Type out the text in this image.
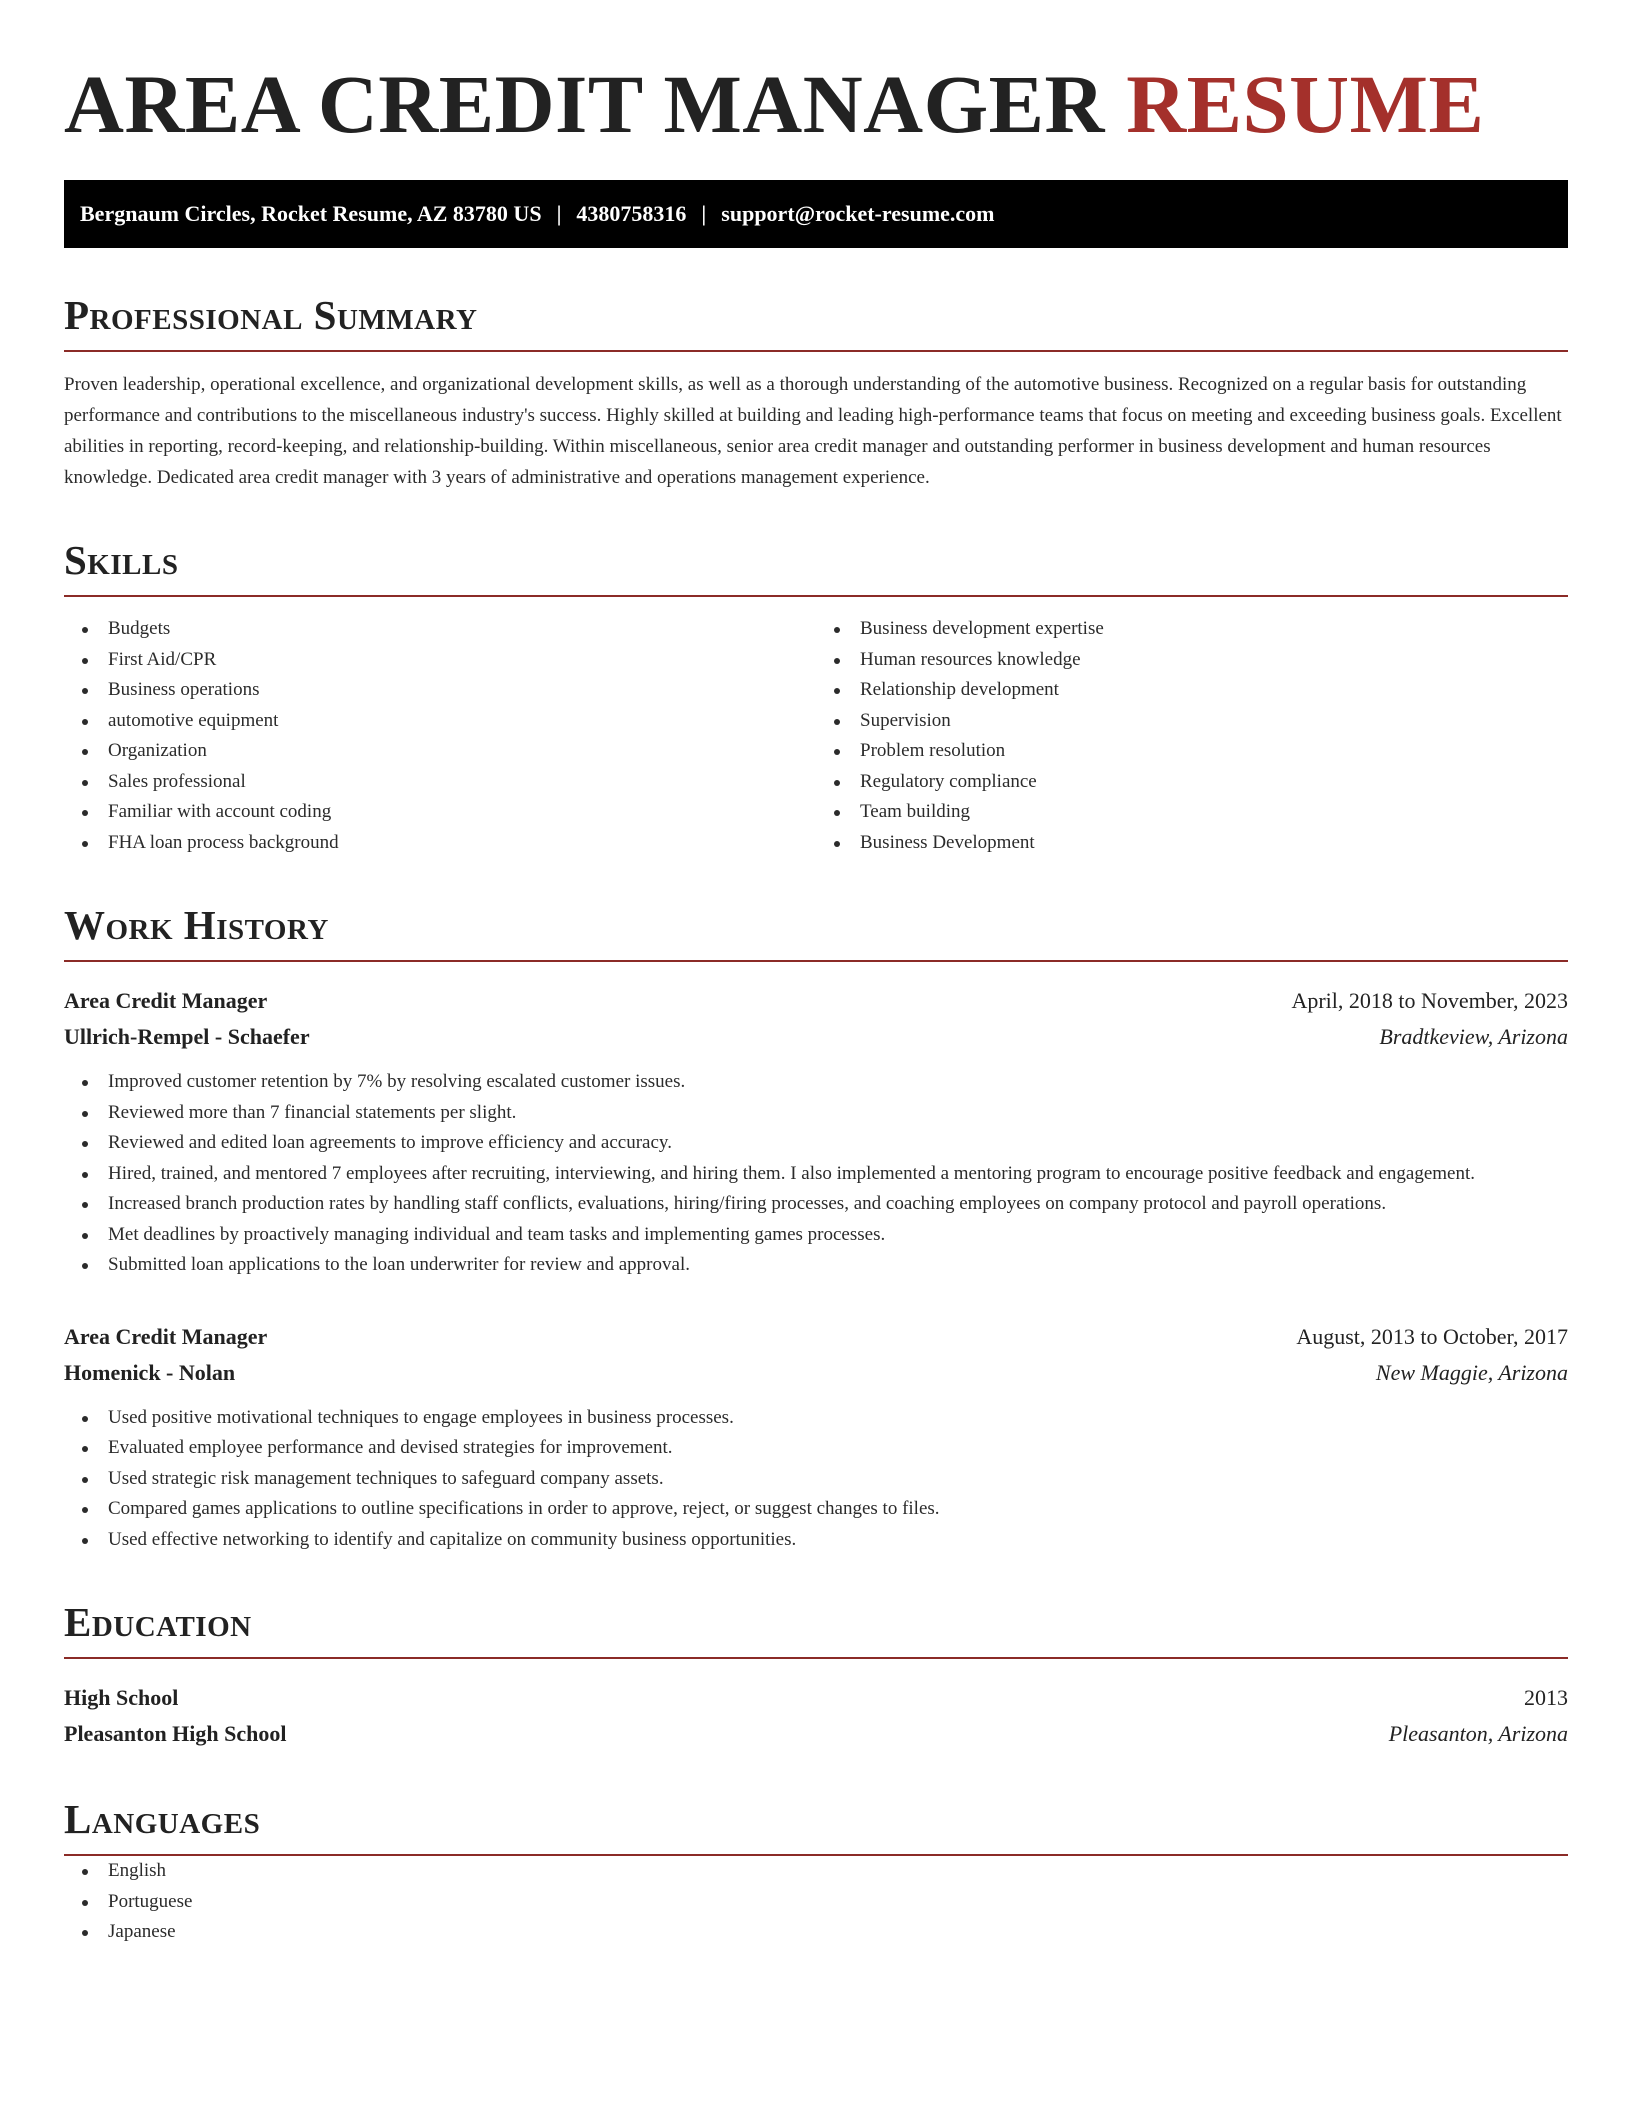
AREA CREDIT MANAGER RESUME
Bergnaum Circles, Rocket Resume, AZ 83780 US | 4380758316 | support@rocket-resume.com
Professional Summary

Proven leadership, operational excellence, and organizational development skills, as well as a thorough understanding of the automotive business. Recognized on a regular basis for outstanding performance and contributions to the miscellaneous industry's success. Highly skilled at building and leading high-performance teams that focus on meeting and exceeding business goals. Excellent abilities in reporting, record-keeping, and relationship-building. Within miscellaneous, senior area credit manager and outstanding performer in business development and human resources knowledge. Dedicated area credit manager with 3 years of administrative and operations management experience.

Skills
Budgets
First Aid/CPR
Business operations
automotive equipment
Organization
Sales professional
Familiar with account coding
FHA loan process background
Business development expertise
Human resources knowledge
Relationship development
Supervision
Problem resolution
Regulatory compliance
Team building
Business Development
Work History
Area Credit Manager	April, 2018 to November, 2023
Ullrich-Rempel - Schaefer	Bradtkeview, Arizona
Improved customer retention by 7% by resolving escalated customer issues.
Reviewed more than 7 financial statements per slight.
Reviewed and edited loan agreements to improve efficiency and accuracy.
Hired, trained, and mentored 7 employees after recruiting, interviewing, and hiring them. I also implemented a mentoring program to encourage positive feedback and engagement.
Increased branch production rates by handling staff conflicts, evaluations, hiring/firing processes, and coaching employees on company protocol and payroll operations.
Met deadlines by proactively managing individual and team tasks and implementing games processes.
Submitted loan applications to the loan underwriter for review and approval.
Area Credit Manager	August, 2013 to October, 2017
Homenick - Nolan	New Maggie, Arizona
Used positive motivational techniques to engage employees in business processes.
Evaluated employee performance and devised strategies for improvement.
Used strategic risk management techniques to safeguard company assets.
Compared games applications to outline specifications in order to approve, reject, or suggest changes to files.
Used effective networking to identify and capitalize on community business opportunities.
Education
High School	2013
Pleasanton High School	Pleasanton, Arizona
Languages
English
Portuguese
Japanese
